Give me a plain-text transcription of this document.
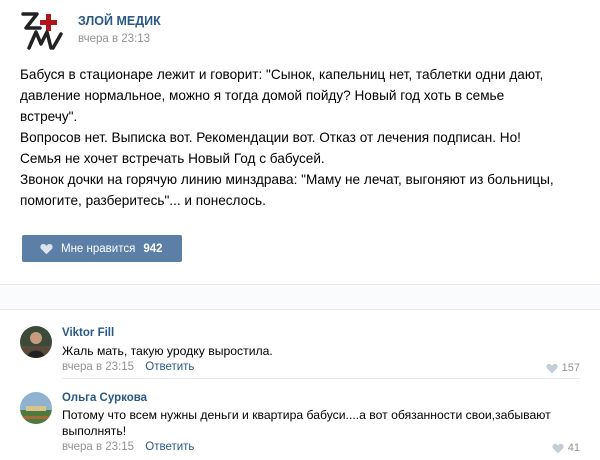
ЗЛОЙ МЕДИК
вчера в 23:13

Бабуся в стационаре лежит и говорит: "Сынок, капельниц нет, таблетки одни дают,

давление нормальное, можно я тогда домой пойду? Новый год хоть в семье

встречу".

Вопросов нет. Выписка вот. Рекомендации вот. Отказ от лечения подписан. Но!

Семья не хочет встречать Новый Год с бабусей.

Звонок дочки на горячую линию минздрава: "Маму не лечат, выгоняют из больницы,

помогите, разберитесь"... и понеслось.

Мне нравится 942
Viktor Fill
Жаль мать, такую уродку выростила.
вчера в 23:15 Ответить	157
Ольга Суркова
Потому что всем нужны деньги и квартира бабуси....а вот обязанности свои,забывают
выполнять!
вчера в 23:15 Ответить	41
